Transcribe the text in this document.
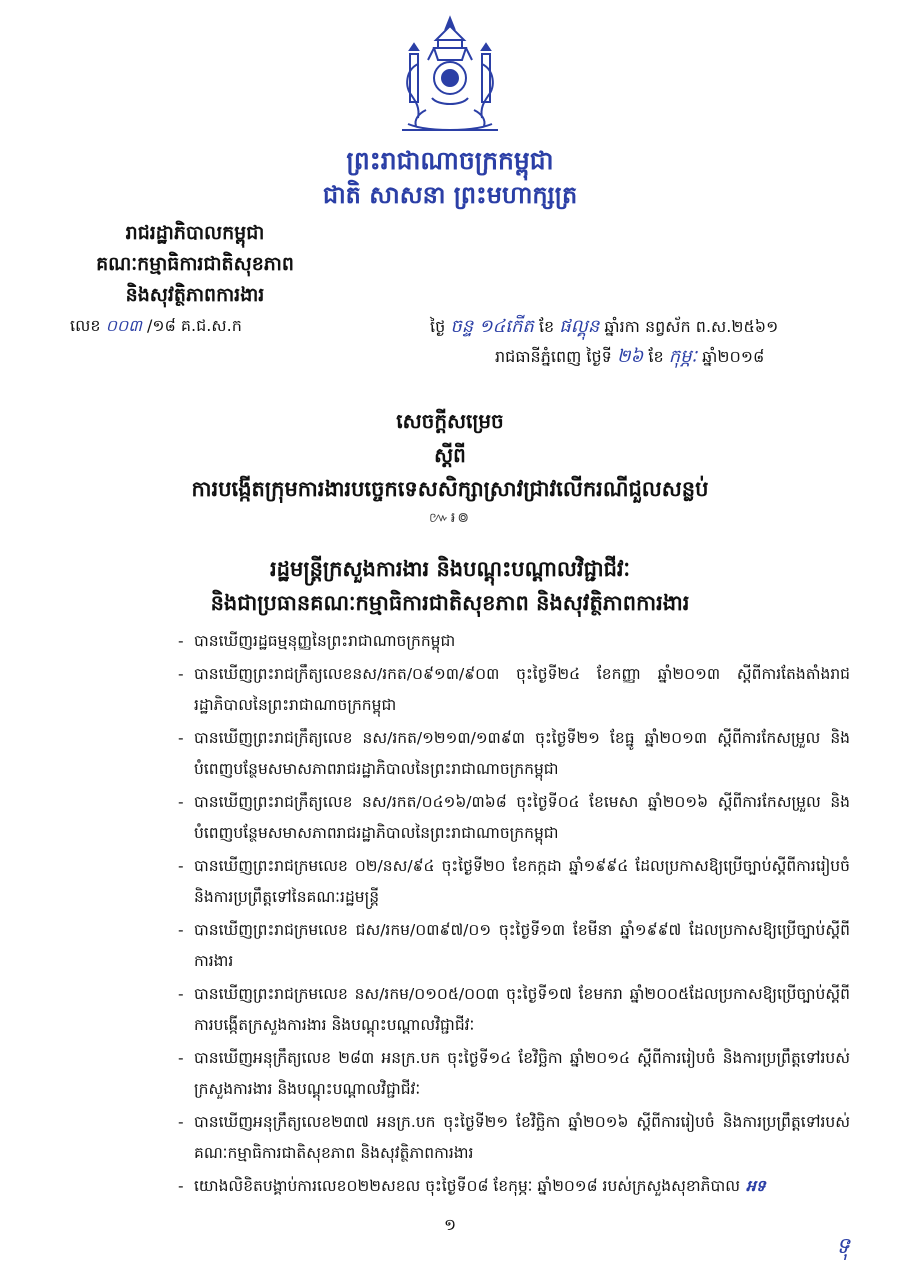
ព្រះរាជាណាចក្រកម្ពុជា
ជាតិ សាសនា ព្រះមហាក្សត្រ
រាជរដ្ឋាភិបាលកម្ពុជា
គណៈកម្មាធិការជាតិសុខភាព
និងសុវត្ថិភាពការងារ
លេខ ០០៣ /១៨ គ.ជ.ស.ក	ថ្ងៃ ចន្ទ ១៤កើត ខែ ផល្គុន ឆ្នាំរកា នព្វស័ក ព.ស.២៥៦១
រាជធានីភ្នំពេញ ថ្ងៃទី ២៦ ខែ កុម្ភៈ ឆ្នាំ២០១៨
សេចក្ដីសម្រេច
ស្ដីពី
ការបង្កើតក្រុមការងារបច្ចេកទេសសិក្សាស្រាវជ្រាវលើករណីជួលសន្លប់
៚៛៙
រដ្ឋមន្ត្រីក្រសួងការងារ និងបណ្ដុះបណ្ដាលវិជ្ជាជីវៈ
និងជាប្រធានគណៈកម្មាធិការជាតិសុខភាព និងសុវត្ថិភាពការងារ
- បានឃើញរដ្ឋធម្មនុញ្ញនៃព្រះរាជាណាចក្រកម្ពុជា
- បានឃើញព្រះរាជក្រឹត្យលេខនស/រកត/០៩១៣/៩០៣ ចុះថ្ងៃទី២៤ ខែកញ្ញា ឆ្នាំ២០១៣ ស្ដីពីការតែងតាំងរាជរដ្ឋាភិបាលនៃព្រះរាជាណាចក្រកម្ពុជា
- បានឃើញព្រះរាជក្រឹត្យលេខ នស/រកត/១២១៣/១៣៩៣ ចុះថ្ងៃទី២១ ខែធ្នូ ឆ្នាំ២០១៣ ស្ដីពីការកែសម្រួល និងបំពេញបន្ថែមសមាសភាពរាជរដ្ឋាភិបាលនៃព្រះរាជាណាចក្រកម្ពុជា
- បានឃើញព្រះរាជក្រឹត្យលេខ នស/រកត/០៤១៦/៣៦៨ ចុះថ្ងៃទី០៤ ខែមេសា ឆ្នាំ២០១៦ ស្ដីពីការកែសម្រួល និងបំពេញបន្ថែមសមាសភាពរាជរដ្ឋាភិបាលនៃព្រះរាជាណាចក្រកម្ពុជា
- បានឃើញព្រះរាជក្រមលេខ ០២/នស/៩៤ ចុះថ្ងៃទី២០ ខែកក្កដា ឆ្នាំ១៩៩៤ ដែលប្រកាសឱ្យប្រើច្បាប់ស្ដីពីការរៀបចំ និងការប្រព្រឹត្តទៅនៃគណៈរដ្ឋមន្ត្រី
- បានឃើញព្រះរាជក្រមលេខ ជស/រកម/០៣៩៧/០១ ចុះថ្ងៃទី១៣ ខែមីនា ឆ្នាំ១៩៩៧ ដែលប្រកាសឱ្យប្រើច្បាប់ស្ដីពីការងារ
- បានឃើញព្រះរាជក្រមលេខ នស/រកម/០១០៥/០០៣ ចុះថ្ងៃទី១៧ ខែមករា ឆ្នាំ២០០៥ដែលប្រកាសឱ្យប្រើច្បាប់ស្ដីពីការបង្កើតក្រសួងការងារ និងបណ្ដុះបណ្ដាលវិជ្ជាជីវៈ
- បានឃើញអនុក្រឹត្យលេខ ២៨៣ អនក្រ.បក ចុះថ្ងៃទី១៤ ខែវិច្ឆិកា ឆ្នាំ២០១៤ ស្ដីពីការរៀបចំ និងការប្រព្រឹត្តទៅរបស់ក្រសួងការងារ និងបណ្ដុះបណ្ដាលវិជ្ជាជីវៈ
- បានឃើញអនុក្រឹត្យលេខ២៣៧ អនក្រ.បក ចុះថ្ងៃទី២១ ខែវិច្ឆិកា ឆ្នាំ២០១៦ ស្ដីពីការរៀបចំ និងការប្រព្រឹត្តទៅរបស់គណៈកម្មាធិការជាតិសុខភាព និងសុវត្ថិភាពការងារ
- យោងលិខិតបង្គាប់ការលេខ០២២សខល ចុះថ្ងៃទី០៨ ខែកុម្ភៈ ឆ្នាំ២០១៨ របស់ក្រសួងសុខាភិបាល អទ
១
ទុ
